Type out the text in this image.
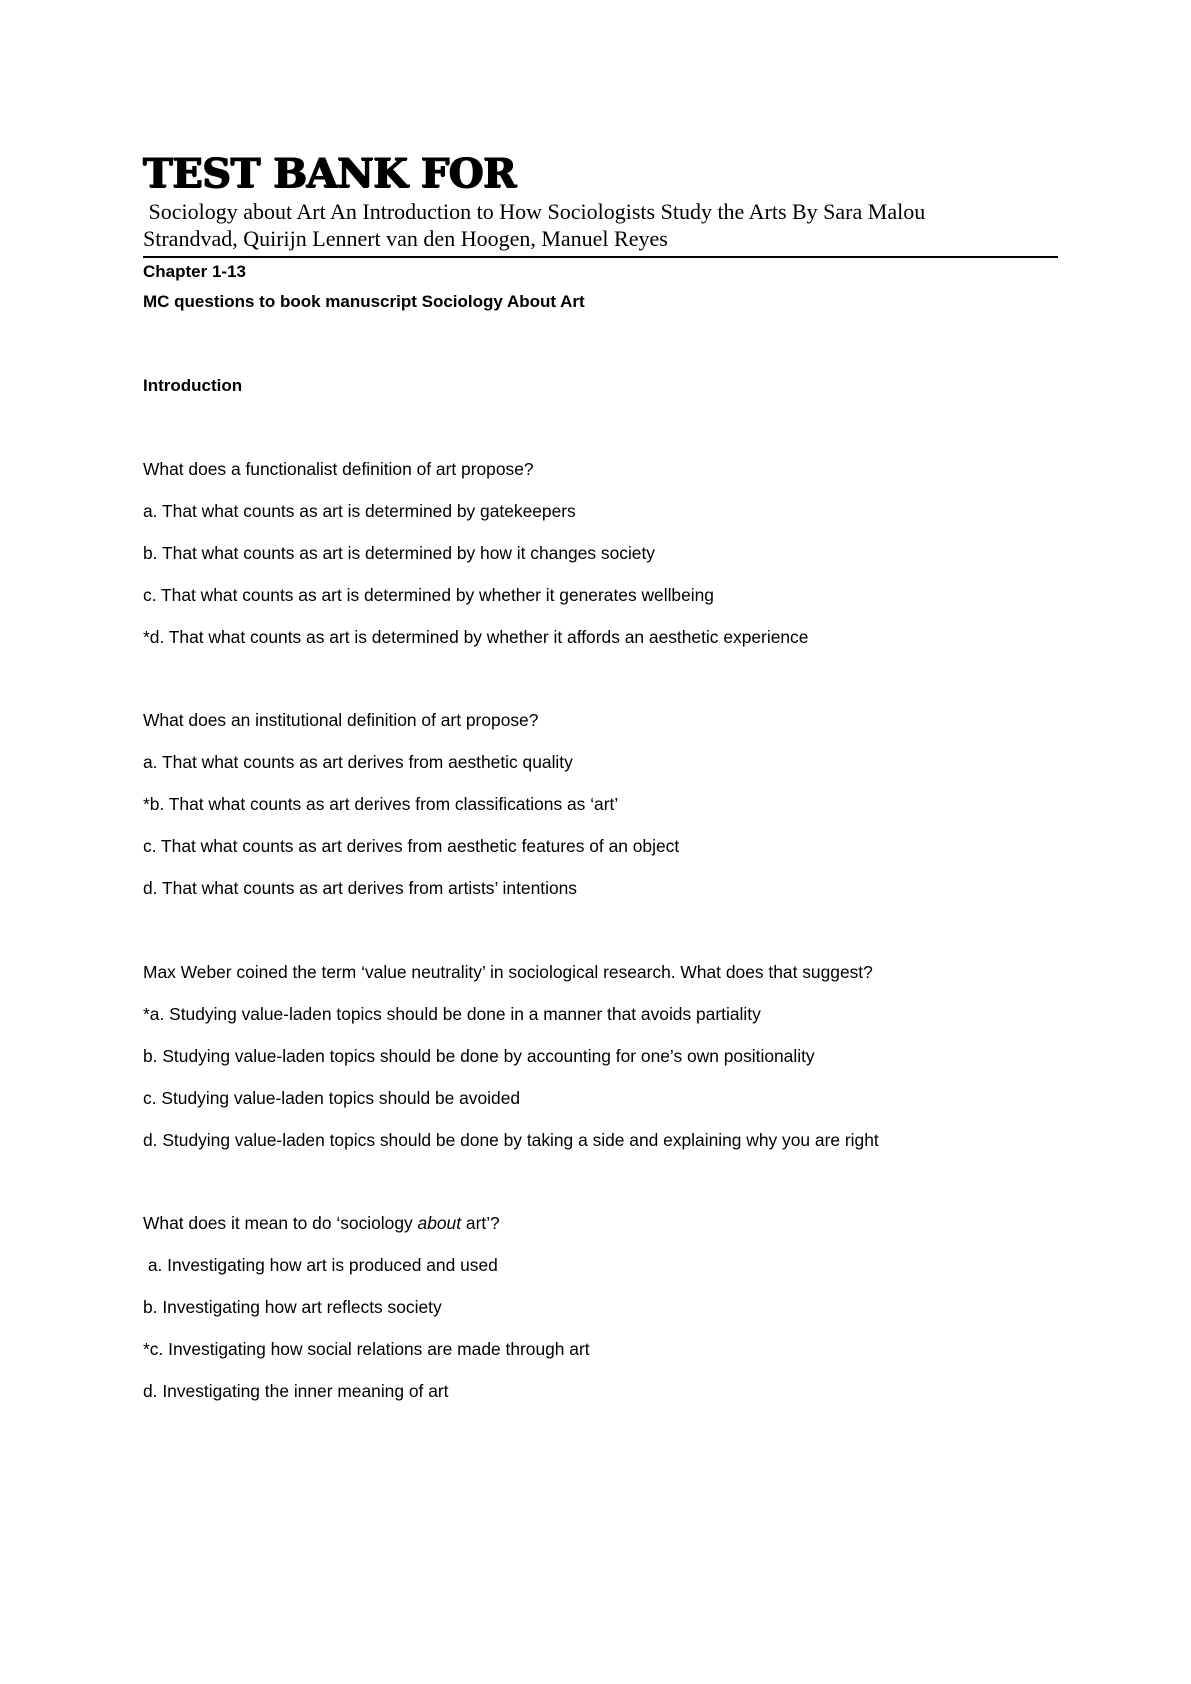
TEST BANK FOR
Sociology about Art An Introduction to How Sociologists Study the Arts By Sara Malou
Strandvad, Quirijn Lennert van den Hoogen, Manuel Reyes
Chapter 1-13
MC questions to book manuscript Sociology About Art
Introduction
What does a functionalist definition of art propose?
a. That what counts as art is determined by gatekeepers
b. That what counts as art is determined by how it changes society
c. That what counts as art is determined by whether it generates wellbeing
*d. That what counts as art is determined by whether it affords an aesthetic experience
What does an institutional definition of art propose?
a. That what counts as art derives from aesthetic quality
*b. That what counts as art derives from classifications as ‘art’
c. That what counts as art derives from aesthetic features of an object
d. That what counts as art derives from artists’ intentions
Max Weber coined the term ‘value neutrality’ in sociological research. What does that suggest?
*a. Studying value-laden topics should be done in a manner that avoids partiality
b. Studying value-laden topics should be done by accounting for one’s own positionality
c. Studying value-laden topics should be avoided
d. Studying value-laden topics should be done by taking a side and explaining why you are right
What does it mean to do ‘sociology about art’?
a. Investigating how art is produced and used
b. Investigating how art reflects society
*c. Investigating how social relations are made through art
d. Investigating the inner meaning of art
